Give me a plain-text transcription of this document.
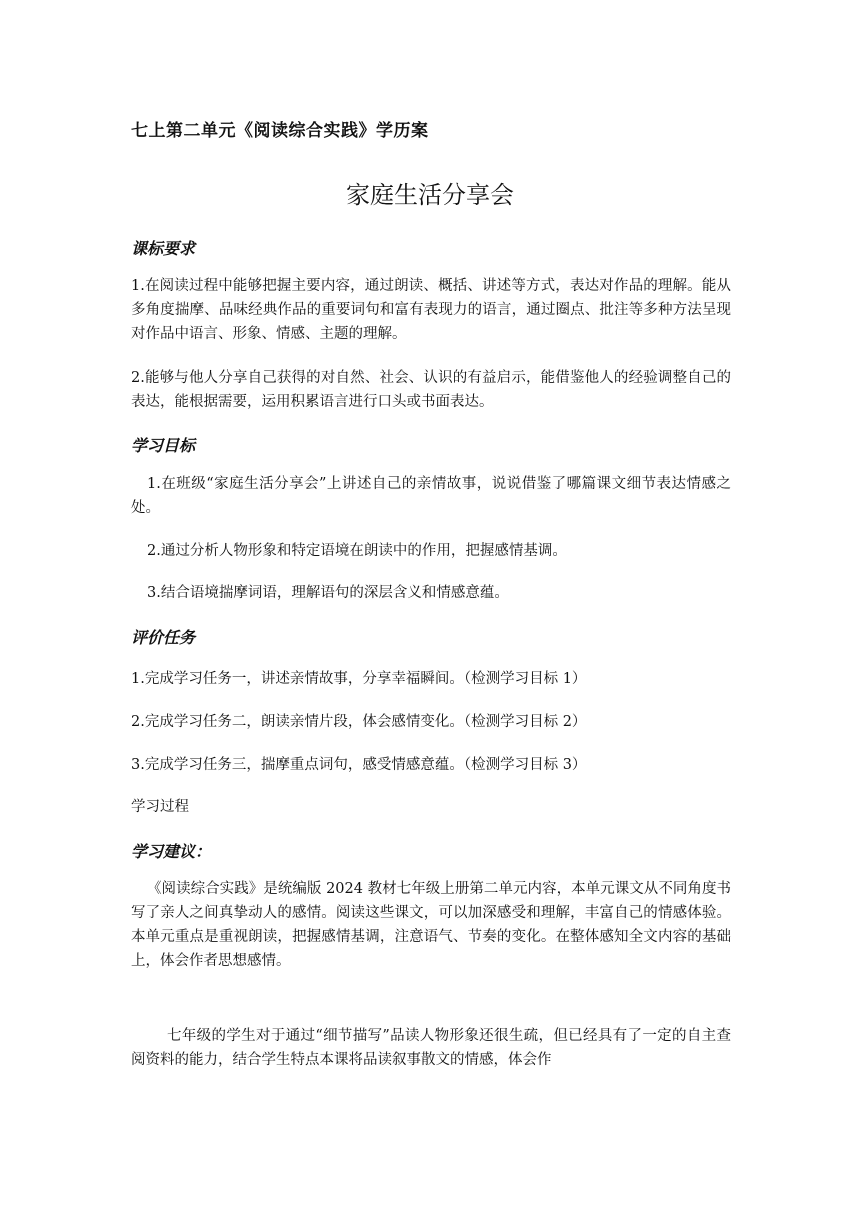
七上第二单元《阅读综合实践》学历案
家庭生活分享会
课标要求

1.在阅读过程中能够把握主要内容，通过朗读、概括、讲述等方式，表达对作品的理解。能从多角度揣摩、品味经典作品的重要词句和富有表现力的语言，通过圈点、批注等多种方法呈现对作品中语言、形象、情感、主题的理解。

2.能够与他人分享自己获得的对自然、社会、认识的有益启示，能借鉴他人的经验调整自己的表达，能根据需要，运用积累语言进行口头或书面表达。

学习目标

1.在班级“家庭生活分享会”上讲述自己的亲情故事，说说借鉴了哪篇课文细节表达情感之处。

2.通过分析人物形象和特定语境在朗读中的作用，把握感情基调。

3.结合语境揣摩词语，理解语句的深层含义和情感意蕴。

评价任务
1.完成学习任务一，讲述亲情故事，分享幸福瞬间。（检测学习目标 1）
2.完成学习任务二，朗读亲情片段，体会感情变化。（检测学习目标 2）
3.完成学习任务三，揣摩重点词句，感受情感意蕴。（检测学习目标 3）
学习过程
学习建议：

《阅读综合实践》是统编版 2024 教材七年级上册第二单元内容，本单元课文从不同角度书写了亲人之间真挚动人的感情。阅读这些课文，可以加深感受和理解，丰富自己的情感体验。本单元重点是重视朗读，把握感情基调，注意语气、节奏的变化。在整体感知全文内容的基础上，体会作者思想感情。

七年级的学生对于通过“细节描写”品读人物形象还很生疏，但已经具有了一定的自主查阅资料的能力，结合学生特点本课将品读叙事散文的情感，体会作
